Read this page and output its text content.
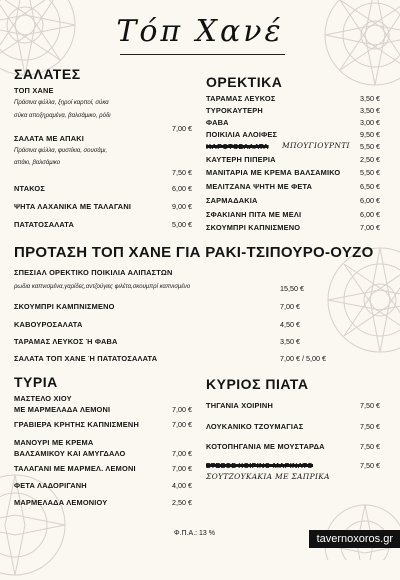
Τόπ Χανέ
ΣΑΛΑΤΕΣ
ΤΟΠ ΧΑΝΕ
Πράσινα φύλλα, ξηροί καρποί, σύκα
σύκα αποξηραμένα, βαλσάμικο, ρόδι
7,00 €
ΣΑΛΑΤΑ ΜΕ ΑΠΑΚΙ
Πράσινα φύλλα, φυστίκια, σουσάμι,
απάκι, βαλσάμικο
7,50 €
ΝΤΑΚΟΣ	6,00 €
ΨΗΤΑ ΛΑΧΑΝΙΚΑ ΜΕ ΤΑΛΑΓΑΝΙ	9,00 €
ΠΑΤΑΤΟΣΑΛΑΤΑ	5,00 €
ΟΡΕΚΤΙΚΑ
ΤΑΡΑΜΑΣ ΛΕΥΚΟΣ	3,50 €
ΤΥΡΟΚΑΥΤΕΡΗ	3,50 €
ΦΑΒΑ	3,00 €
ΠΟΙΚΙΛΙΑ ΑΛΟΙΦΕΣ	9,50 €
ΚΑΡΟΤΟΣΑΛΑΤΑ ΜΠΟΥΓΙΟΥΡΝΤΙ 5,50 €
ΚΑΥΤΕΡΗ ΠΙΠΕΡΙΑ	2,50 €
ΜΑΝΙΤΑΡΙΑ ΜΕ ΚΡΕΜΑ ΒΑΛΣΑΜΙΚΟ	5,50 €
ΜΕΛΙΤΖΑΝΑ ΨΗΤΗ ΜΕ ΦΕΤΑ	6,50 €
ΣΑΡΜΑΔΑΚΙΑ	6,00 €
ΣΦΑΚΙΑΝΗ ΠΙΤΑ ΜΕ ΜΕΛΙ	6,00 €
ΣΚΟΥΜΠΡΙ ΚΑΠΝΙΣΜΕΝΟ	7,00 €
ΠΡΟΤΑΣΗ ΤΟΠ ΧΑΝΕ ΓΙΑ ΡΑΚΙ-ΤΣΙΠΟΥΡΟ-ΟΥΖΟ
ΣΠΕΣΙΑΛ ΟΡΕΚΤΙΚΟ ΠΟΙΚΙΛΙΑ ΑΛΙΠΑΣΤΩΝ
ρωδια καπνισμένα,γαρίδες,αντζούγιες φιλέτα,σκουμπρί καπνισμένο	15,50 €
ΣΚΟΥΜΠΡΙ ΚΑΜΠΝΙΣΜΕΝΟ	7,00 €
ΚΑΒΟΥΡΟΣΑΛΑΤΑ	4,50 €
ΤΑΡΑΜΑΣ ΛΕΥΚΟΣ Ή ΦΑΒΑ	3,50 €
ΣΑΛΑΤΑ ΤΟΠ ΧΑΝΕ Ή ΠΑΤΑΤΟΣΑΛΑΤΑ	7,00 € / 5,00 €
ΤΥΡΙΑ
ΜΑΣΤΕΛΟ ΧΙΟΥ
ΜΕ ΜΑΡΜΕΛΑΔΑ ΛΕΜΟΝΙ	7,00 €
ΓΡΑΒΙΕΡΑ ΚΡΗΤΗΣ ΚΑΠΝΙΣΜΕΝΗ	7,00 €
ΜΑΝΟΥΡΙ ΜΕ ΚΡΕΜΑ
ΒΑΛΣΑΜΙΚΟΥ ΚΑΙ ΑΜΥΓΔΑΛΟ	7,00 €
ΤΑΛΑΓΑΝΙ ΜΕ ΜΑΡΜΕΛ. ΛΕΜΟΝΙ	7,00 €
ΦΕΤΑ ΛΑΔΟΡΙΓΑΝΗ	4,00 €
ΜΑΡΜΕΛΑΔΑ ΛΕΜΟΝΙΟΥ	2,50 €
ΚΥΡΙΟΣ ΠΙΑΤΑ
ΤΗΓΑΝΙΑ ΧΟΙΡΙΝΗ	7,50 €
ΛΟΥΚΑΝΙΚΟ ΤΖΟΥΜΑΓΙΑΣ	7,50 €
ΚΟΤΟΠΗΓΑΝΙΑ ΜΕ ΜΟΥΣΤΑΡΔΑ	7,50 €
ΣΤΕΞΟΣ ΧΟΙΡΙΝΟ ΜΑΡΙΝΑΤΟ
ΣΟΥΤΖΟΥΚΑΚΙΑ ΜΕ ΣΑΠΡΙΚΑ
7,50 €
Φ.Π.Α.: 13 %	tavernoxoros.gr
